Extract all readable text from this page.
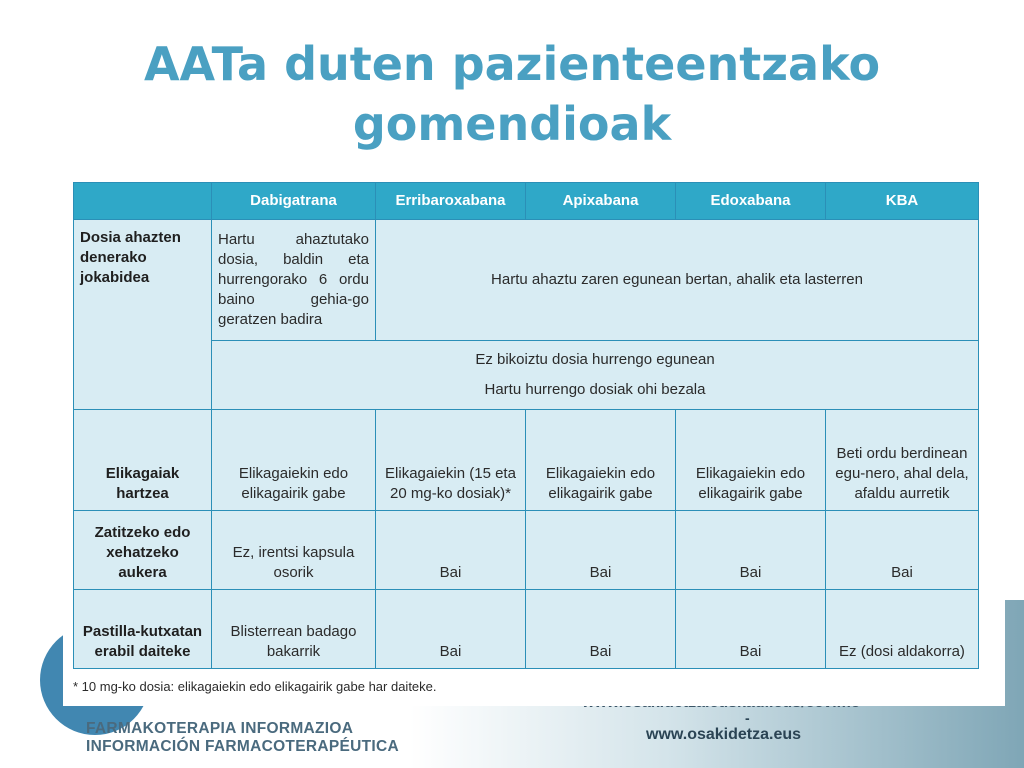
AATa duten pazienteentzako
gomendioak
FARMAKOTERAPIA INFORMAZIOA
INFORMACIÓN FARMACOTERAPÉUTICA
-
www.osakidetza.eus
	Dabigatrana	Erribaroxabana	Apixabana	Edoxabana	KBA
Dosia ahazten denerako jokabidea	Hartu ahaztutako dosia, baldin eta hurrengorako 6 ordu baino gehia-go geratzen badira	Hartu ahaztu zaren egunean bertan, ahalik eta lasterren			

	Ez bikoiztu dosia hurrengo egunean
Hartu hurrengo dosiak ohi bezala				

Elikagaiak hartzea	Elikagaiekin edo elikagairik gabe	Elikagaiekin (15 eta 20 mg-ko dosiak)*	Elikagaiekin edo elikagairik gabe	Elikagaiekin edo elikagairik gabe	Beti ordu berdinean egu-nero, ahal dela, afaldu aurretik
Zatitzeko edo xehatzeko aukera	Ez, irentsi kapsula osorik	Bai	Bai	Bai	Bai
Pastilla-kutxatan erabil daiteke	Blisterrean badago bakarrik	Bai	Bai	Bai	Ez (dosi aldakorra)
* 10 mg-ko dosia: elikagaiekin edo elikagairik gabe har daiteke.
